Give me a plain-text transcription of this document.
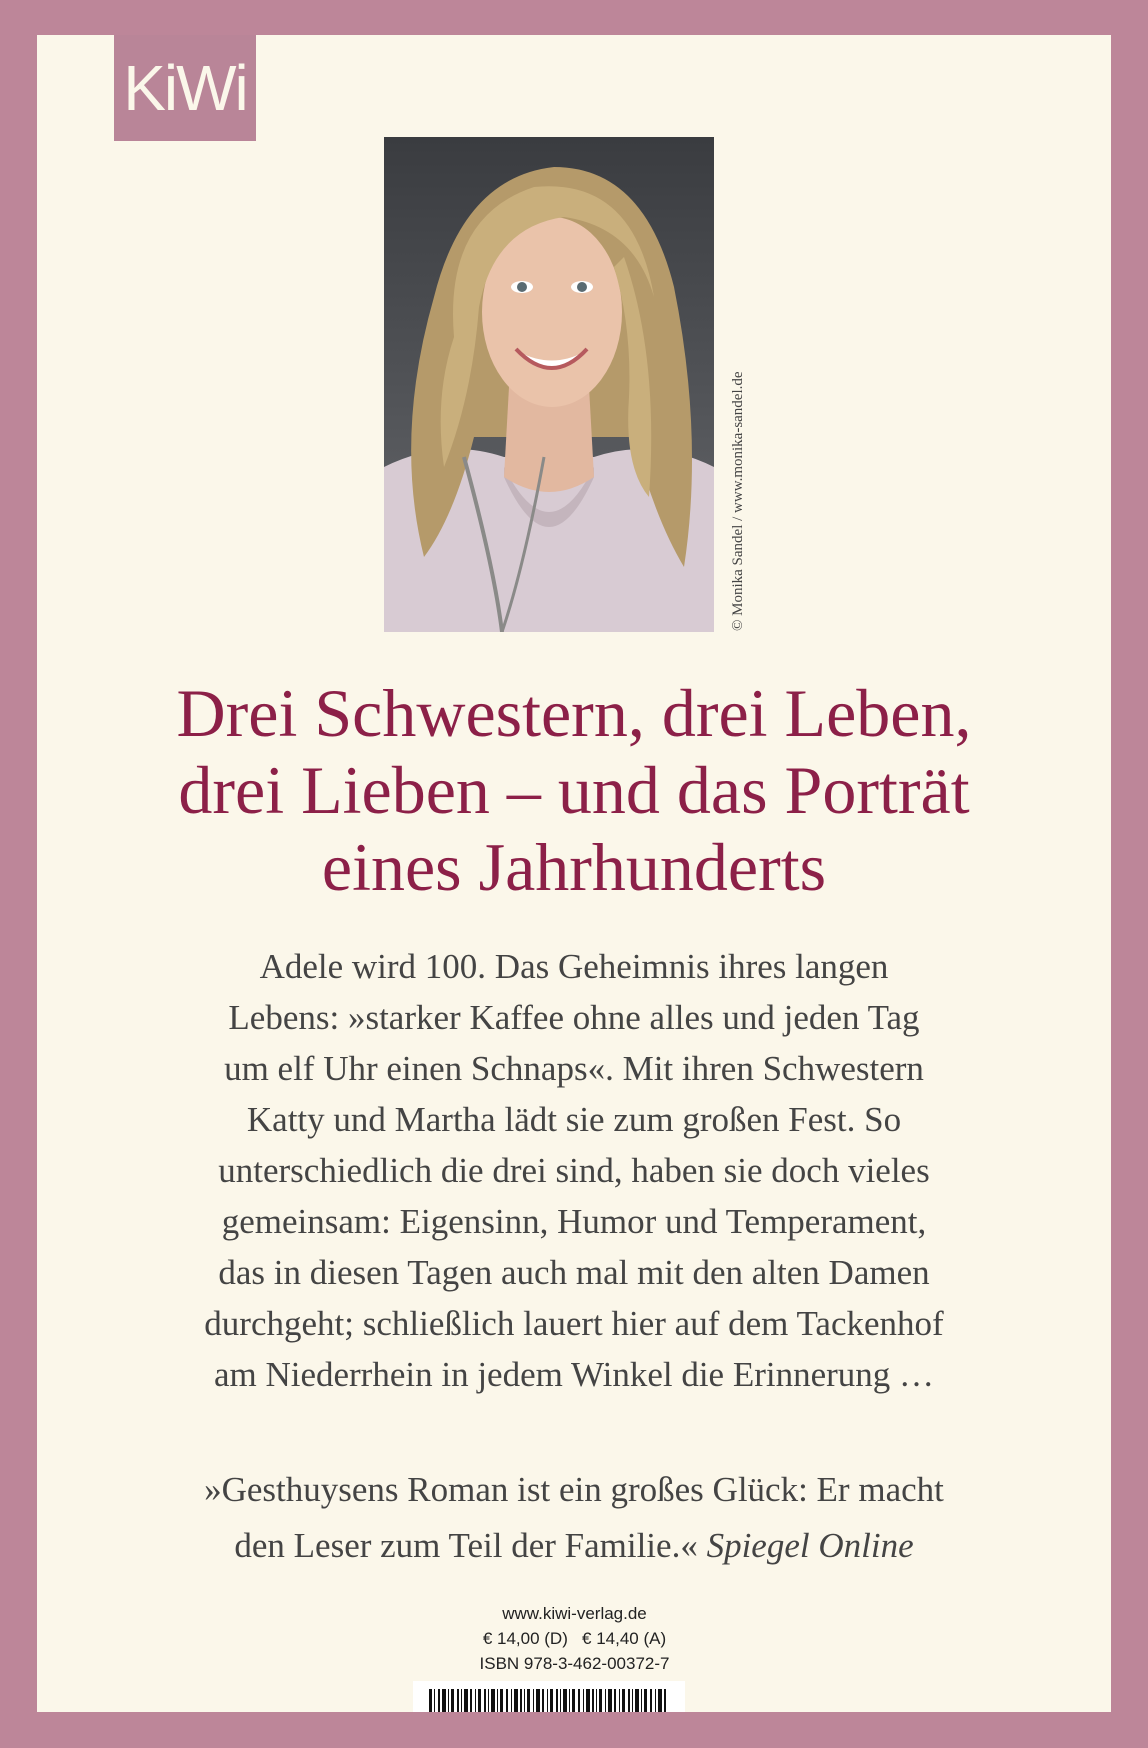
KiWi
© Monika Sandel / www.monika-sandel.de
Drei Schwestern, drei Leben,
drei Lieben – und das Porträt
eines Jahrhunderts
Adele wird 100. Das Geheimnis ihres langen
Lebens: »starker Kaffee ohne alles und jeden Tag
um elf Uhr einen Schnaps«. Mit ihren Schwestern
Katty und Martha lädt sie zum großen Fest. So
unterschiedlich die drei sind, haben sie doch vieles
gemeinsam: Eigensinn, Humor und Temperament,
das in diesen Tagen auch mal mit den alten Damen
durchgeht; schließlich lauert hier auf dem Tackenhof
am Niederrhein in jedem Winkel die Erinnerung …
»Gesthuysens Roman ist ein großes Glück: Er macht
den Leser zum Teil der Familie.« Spiegel Online
www.kiwi-verlag.de
€ 14,00 (D)   € 14,40 (A)
ISBN 978-3-462-00372-7
